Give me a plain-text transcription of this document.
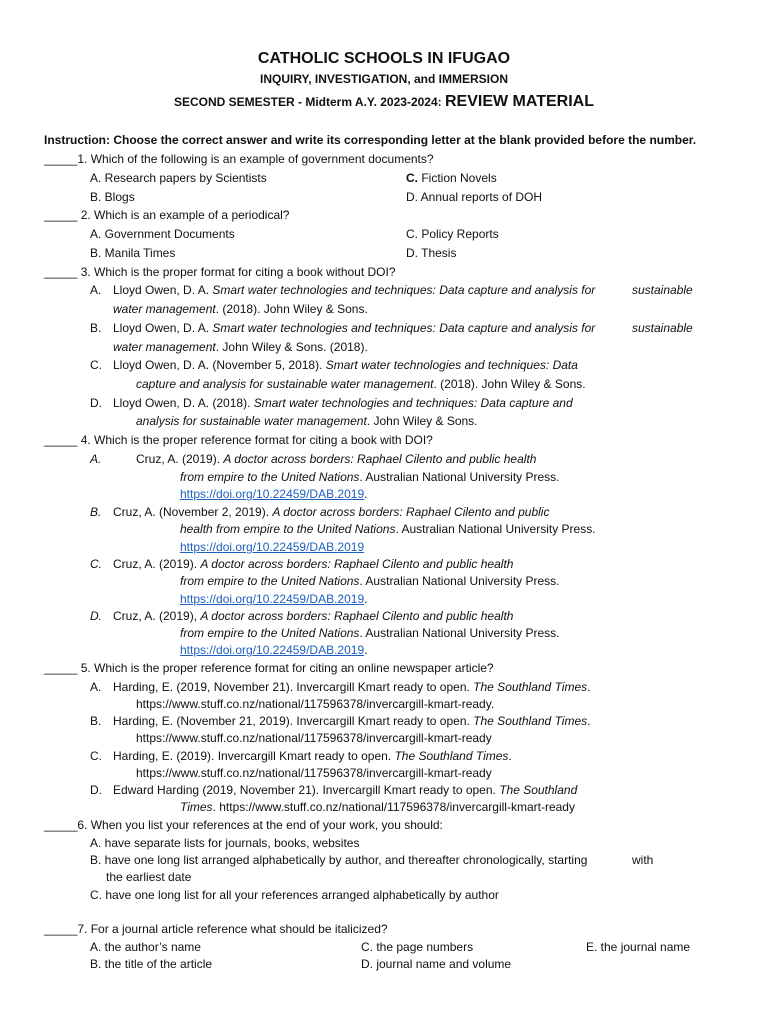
CATHOLIC SCHOOLS IN IFUGAO
INQUIRY, INVESTIGATION, and IMMERSION
SECOND SEMESTER - Midterm A.Y. 2023-2024: REVIEW MATERIAL
Instruction: Choose the correct answer and write its corresponding letter at the blank provided before the number.
_____1. Which of the following is an example of government documents?
A. Research papers by Scientists	C. Fiction Novels
B. Blogs	D. Annual reports of DOH
_____ 2. Which is an example of a periodical?
A. Government Documents	C. Policy Reports
B. Manila Times	D. Thesis
_____ 3. Which is the proper format for citing a book without DOI?
A. Lloyd Owen, D. A. Smart water technologies and techniques: Data capture and analysis for	sustainable
water management. (2018). John Wiley & Sons.
B. Lloyd Owen, D. A. Smart water technologies and techniques: Data capture and analysis for	sustainable
water management. John Wiley & Sons. (2018).
C. Lloyd Owen, D. A. (November 5, 2018). Smart water technologies and techniques: Data
capture and analysis for sustainable water management. (2018). John Wiley & Sons.
D. Lloyd Owen, D. A. (2018). Smart water technologies and techniques: Data capture and
analysis for sustainable water management. John Wiley & Sons.
_____ 4. Which is the proper reference format for citing a book with DOI?
A.	Cruz, A. (2019). A doctor across borders: Raphael Cilento and public health
from empire to the United Nations. Australian National University Press.
https://doi.org/10.22459/DAB.2019.
B. Cruz, A. (November 2, 2019). A doctor across borders: Raphael Cilento and public
health from empire to the United Nations. Australian National University Press.
https://doi.org/10.22459/DAB.2019
C. Cruz, A. (2019). A doctor across borders: Raphael Cilento and public health
from empire to the United Nations. Australian National University Press.
https://doi.org/10.22459/DAB.2019.
D. Cruz, A. (2019), A doctor across borders: Raphael Cilento and public health
from empire to the United Nations. Australian National University Press.
https://doi.org/10.22459/DAB.2019.
_____ 5. Which is the proper reference format for citing an online newspaper article?
A. Harding, E. (2019, November 21). Invercargill Kmart ready to open. The Southland Times.
https://www.stuff.co.nz/national/117596378/invercargill-kmart-ready.
B. Harding, E. (November 21, 2019). Invercargill Kmart ready to open. The Southland Times.
https://www.stuff.co.nz/national/117596378/invercargill-kmart-ready
C. Harding, E. (2019). Invercargill Kmart ready to open. The Southland Times.
https://www.stuff.co.nz/national/117596378/invercargill-kmart-ready
D. Edward Harding (2019, November 21). Invercargill Kmart ready to open. The Southland
Times. https://www.stuff.co.nz/national/117596378/invercargill-kmart-ready
_____6. When you list your references at the end of your work, you should:
A. have separate lists for journals, books, websites
B. have one long list arranged alphabetically by author, and thereafter chronologically, starting	with
the earliest date
C. have one long list for all your references arranged alphabetically by author
_____7. For a journal article reference what should be italicized?
A. the author’s name	C. the page numbers	E. the journal name
B. the title of the article	D. journal name and volume
